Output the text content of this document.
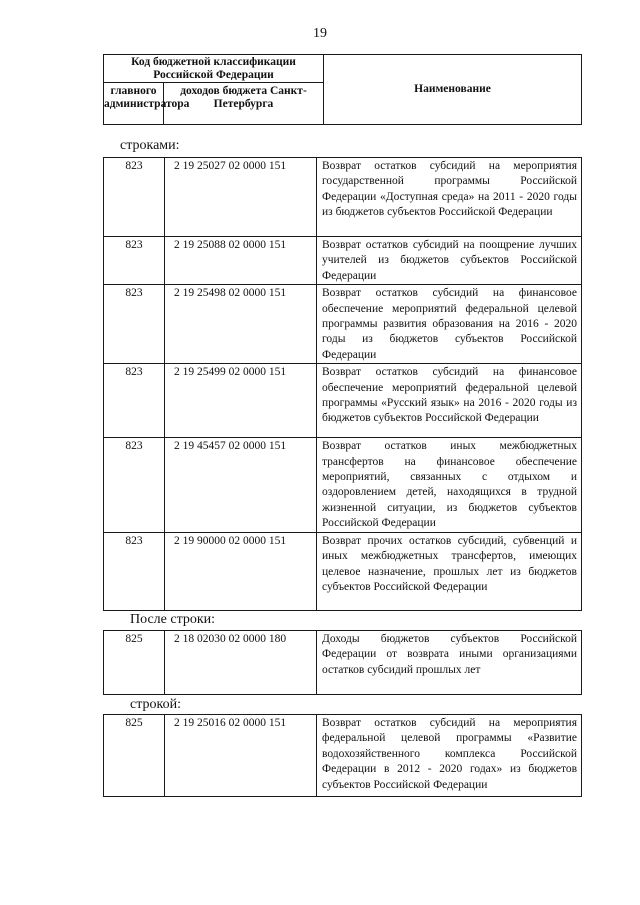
19
Код бюджетной классификации Российской Федерации		Наименование
главного администратора	доходов бюджета Санкт-Петербурга	
строками:
823	2 19 25027 02 0000 151	Возврат остатков субсидий на мероприятия государственной программы Российской Федерации «Доступная среда» на 2011 - 2020 годы из бюджетов субъектов Российской Федерации
823	2 19 25088 02 0000 151	Возврат остатков субсидий на поощрение лучших учителей из бюджетов субъектов Российской Федерации
823	2 19 25498 02 0000 151	Возврат остатков субсидий на финансовое обеспечение мероприятий федеральной целевой программы развития образования на 2016 - 2020 годы из бюджетов субъектов Российской Федерации
823	2 19 25499 02 0000 151	Возврат остатков субсидий на финансовое обеспечение мероприятий федеральной целевой программы «Русский язык» на 2016 - 2020 годы из бюджетов субъектов Российской Федерации
823	2 19 45457 02 0000 151	Возврат остатков иных межбюджетных трансфертов на финансовое обеспечение мероприятий, связанных с отдыхом и оздоровлением детей, находящихся в трудной жизненной ситуации, из бюджетов субъектов Российской Федерации
823	2 19 90000 02 0000 151	Возврат прочих остатков субсидий, субвенций и иных межбюджетных трансфертов, имеющих целевое назначение, прошлых лет из бюджетов субъектов Российской Федерации
После строки:
825	2 18 02030 02 0000 180	Доходы бюджетов субъектов Российской Федерации от возврата иными организациями остатков субсидий прошлых лет
строкой:
825	2 19 25016 02 0000 151	Возврат остатков субсидий на мероприятия федеральной целевой программы «Развитие водохозяйственного комплекса Российской Федерации в 2012 - 2020 годах» из бюджетов субъектов Российской Федерации
